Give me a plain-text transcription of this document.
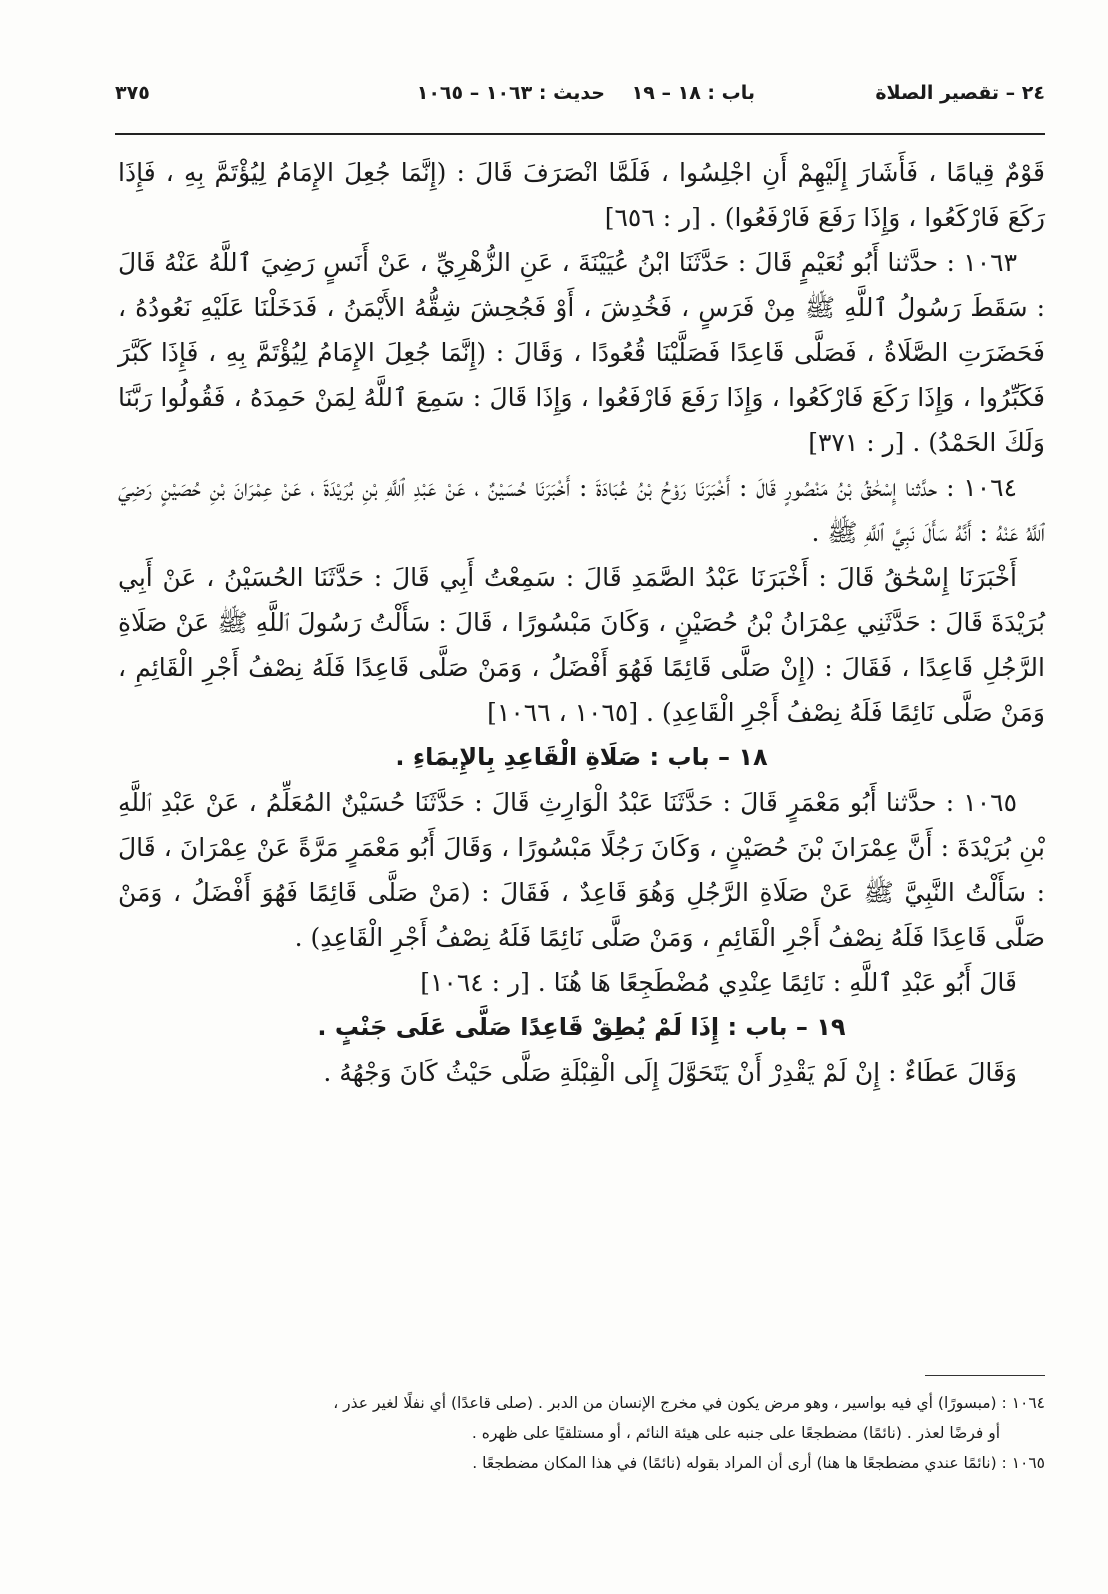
٢٤ – تقصير الصلاة
باب : ١٨ – ١٩
حديث : ١٠٦٣ – ١٠٦٥
٣٧٥

قَوْمٌ قِيامًا ، فَأَشَارَ إِلَيْهِمْ أَنِ اجْلِسُوا ، فَلَمَّا انْصَرَفَ قَالَ : (إِنَّمَا جُعِلَ الإِمَامُ لِيُؤْتَمَّ بِهِ ، فَإِذَا رَكَعَ فَارْكَعُوا ، وَإِذَا رَفَعَ فَارْفَعُوا) . [ر : ٦٥٦]

١٠٦٣ : حدَّثنا أَبُو نُعَيْمٍ قَالَ : حَدَّثَنَا ابْنُ عُيَيْنَةَ ، عَنِ الزُّهْرِيِّ ، عَنْ أَنَسٍ رَضِيَ ٱللَّهُ عَنْهُ قَالَ : سَقَطَ رَسُولُ ٱللَّهِ ﷺ مِنْ فَرَسٍ ، فَخُدِشَ ، أَوْ فَجُحِشَ شِقُّهُ الأَيْمَنُ ، فَدَخَلْنَا عَلَيْهِ نَعُودُهُ ، فَحَضَرَتِ الصَّلَاةُ ، فَصَلَّى قَاعِدًا فَصَلَّيْنَا قُعُودًا ، وَقَالَ : (إِنَّمَا جُعِلَ الإِمَامُ لِيُؤْتَمَّ بِهِ ، فَإِذَا كَبَّرَ فَكَبِّرُوا ، وَإِذَا رَكَعَ فَارْكَعُوا ، وَإِذَا رَفَعَ فَارْفَعُوا ، وَإِذَا قَالَ : سَمِعَ ٱللَّهُ لِمَنْ حَمِدَهُ ، فَقُولُوا رَبَّنَا وَلَكَ الحَمْدُ) . [ر : ٣٧١]

١٠٦٤ : حدَّثنا إِسْحَٰقُ بْنُ مَنْصُورٍ قَالَ : أَخْبَرَنَا رَوْحُ بْنُ عُبَادَةَ : أَخْبَرَنَا حُسَيْنٌ ، عَنْ عَبْدِ ٱللَّهِ بْنِ بُرَيْدَةَ ، عَنْ عِمْرَانَ بْنِ حُصَيْنٍ رَضِيَ ٱللَّهُ عَنْهُ : أَنَّهُ سَأَلَ نَبِيَّ ٱللَّهِ ﷺ .

أَخْبَرَنَا إِسْحَٰقُ قَالَ : أَخْبَرَنَا عَبْدُ الصَّمَدِ قَالَ : سَمِعْتُ أَبِي قَالَ : حَدَّثَنَا الحُسَيْنُ ، عَنْ أَبِي بُرَيْدَةَ قَالَ : حَدَّثَنِي عِمْرَانُ بْنُ حُصَيْنٍ ، وَكَانَ مَبْسُورًا ، قَالَ : سَأَلْتُ رَسُولَ ٱللَّهِ ﷺ عَنْ صَلَاةِ الرَّجُلِ قَاعِدًا ، فَقَالَ : (إِنْ صَلَّى قَائِمًا فَهُوَ أَفْضَلُ ، وَمَنْ صَلَّى قَاعِدًا فَلَهُ نِصْفُ أَجْرِ الْقَائِمِ ، وَمَنْ صَلَّى نَائِمًا فَلَهُ نِصْفُ أَجْرِ الْقَاعِدِ) . [١٠٦٥ ، ١٠٦٦]

١٨ – باب : صَلَاةِ الْقَاعِدِ بِالإِيمَاءِ .

١٠٦٥ : حدَّثنا أَبُو مَعْمَرٍ قَالَ : حَدَّثَنَا عَبْدُ الْوَارِثِ قَالَ : حَدَّثَنَا حُسَيْنٌ المُعَلِّمُ ، عَنْ عَبْدِ ٱللَّهِ بْنِ بُرَيْدَةَ : أَنَّ عِمْرَانَ بْنَ حُصَيْنٍ ، وَكَانَ رَجُلًا مَبْسُورًا ، وَقَالَ أَبُو مَعْمَرٍ مَرَّةً عَنْ عِمْرَانَ ، قَالَ : سَأَلْتُ النَّبِيَّ ﷺ عَنْ صَلَاةِ الرَّجُلِ وَهُوَ قَاعِدٌ ، فَقَالَ : (مَنْ صَلَّى قَائِمًا فَهُوَ أَفْضَلُ ، وَمَنْ صَلَّى قَاعِدًا فَلَهُ نِصْفُ أَجْرِ الْقَائِمِ ، وَمَنْ صَلَّى نَائِمًا فَلَهُ نِصْفُ أَجْرِ الْقَاعِدِ) .

قَالَ أَبُو عَبْدِ ٱللَّهِ : نَائِمًا عِنْدِي مُضْطَجِعًا هَا هُنَا . [ر : ١٠٦٤]

١٩ – باب : إِذَا لَمْ يُطِقْ قَاعِدًا صَلَّى عَلَى جَنْبٍ .

وَقَالَ عَطَاءٌ : إِنْ لَمْ يَقْدِرْ أَنْ يَتَحَوَّلَ إِلَى الْقِبْلَةِ صَلَّى حَيْثُ كَانَ وَجْهُهُ .

١٠٦٤ : (مبسورًا) أي فيه بواسير ، وهو مرض يكون في مخرج الإنسان من الدبر . (صلى قاعدًا) أي نفلًا لغير عذر ،

أو فرضًا لعذر . (نائمًا) مضطجعًا على جنبه على هيئة النائم ، أو مستلقيًا على ظهره .

١٠٦٥ : (نائمًا عندي مضطجعًا ها هنا) أرى أن المراد بقوله (نائمًا) في هذا المكان مضطجعًا .
